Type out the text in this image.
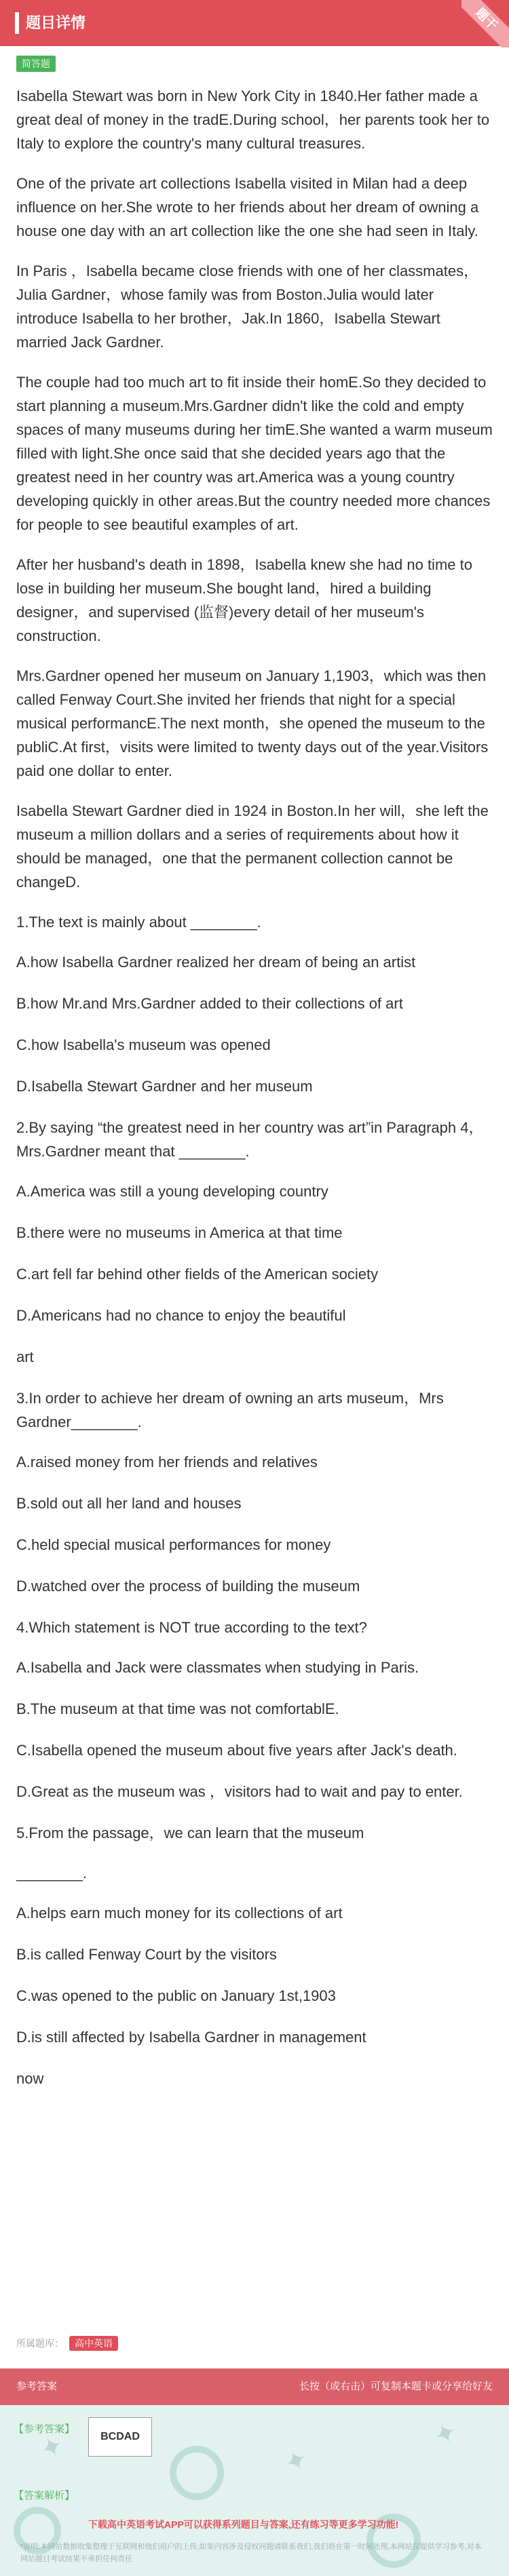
题目详情	题干
简答题

Isabella Stewart was born in New York City in 1840.Her father made a great deal of money in the tradE.During school，her parents took her to Italy to explore the country's many cultural treasures.

One of the private art collections Isabella visited in Milan had a deep influence on her.She wrote to her friends about her dream of owning a house one day with an art collection like the one she had seen in Italy.

In Paris ，Isabella became close friends with one of her classmates，Julia Gardner，whose family was from Boston.Julia would later introduce Isabella to her brother，Jak.In 1860，Isabella Stewart married Jack Gardner.

The couple had too much art to fit inside their homE.So they decided to start planning a museum.Mrs.Gardner didn't like the cold and empty spaces of many museums during her timE.She wanted a warm museum filled with light.She once said that she decided years ago that the greatest need in her country was art.America was a young country developing quickly in other areas.But the country needed more chances for people to see beautiful examples of art.

After her husband's death in 1898，Isabella knew she had no time to lose in building her museum.She bought land，hired a building designer，and supervised (监督)every detail of her museum's construction.

Mrs.Gardner opened her museum on January 1,1903，which was then called Fenway Court.She invited her friends that night for a special musical performancE.The next month，she opened the museum to the publiC.At first，visits were limited to twenty days out of the year.Visitors paid one dollar to enter.

Isabella Stewart Gardner died in 1924 in Boston.In her will，she left the museum a million dollars and a series of requirements about how it should be managed，one that the permanent collection cannot be changeD.

1.The text is mainly about ________.

A.how Isabella Gardner realized her dream of being an artist

B.how Mr.and Mrs.Gardner added to their collections of art

C.how Isabella's museum was opened

D.Isabella Stewart Gardner and her museum

2.By saying “the greatest need in her country was art”in Paragraph 4，Mrs.Gardner meant that ________.

A.America was still a young developing country

B.there were no museums in America at that time

C.art fell far behind other fields of the American society

D.Americans had no chance to enjoy the beautiful

art

3.In order to achieve her dream of owning an arts museum，Mrs Gardner________.

A.raised money from her friends and relatives

B.sold out all her land and houses

C.held special musical performances for money

D.watched over the process of building the museum

4.Which statement is NOT true according to the text?

A.Isabella and Jack were classmates when studying in Paris.

B.The museum at that time was not comfortablE.

C.Isabella opened the museum about five years after Jack's death.

D.Great as the museum was ，visitors had to wait and pay to enter.

5.From the passage，we can learn that the museum

________.

A.helps earn much money for its collections of art

B.is called Fenway Court by the visitors

C.was opened to the public on January 1st,1903

D.is still affected by Isabella Gardner in management

now

所属题库： 高中英语
参考答案	长按（或右击）可复制本题卡或分享给好友
✦	✦
✦
【参考答案】
BCDAD
【答案解析】
下载高中英语考试APP可以获得系列题目与答案,还有练习等更多学习功能!
*说明:本网站数据收集整理于互联网和他们用户的上传,如果内容涉及侵权问题请联系我们,我们将在第一时间处理,本网站仅提供学习参考,对本网站题目考试结果不承担任何责任
